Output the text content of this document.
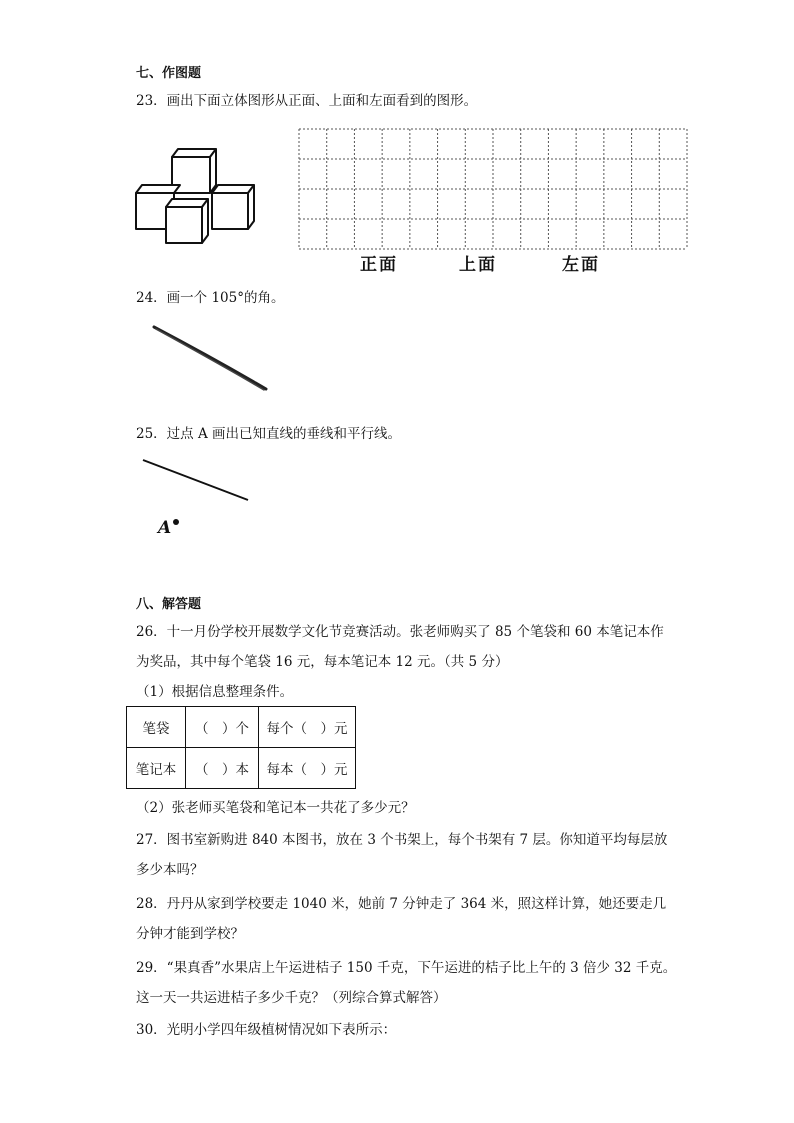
七、作图题
23．画出下面立体图形从正面、上面和左面看到的图形。
正面	上面	左面
24．画一个 105°的角。
25．过点 A 画出已知直线的垂线和平行线。
A
八、解答题
26．十一月份学校开展数学文化节竞赛活动。张老师购买了 85 个笔袋和 60 本笔记本作
为奖品，其中每个笔袋 16 元，每本笔记本 12 元。（共 5 分）
（1）根据信息整理条件。
笔袋	（　）个	每个（　）元
笔记本	（　）本	每本（　）元
（2）张老师买笔袋和笔记本一共花了多少元？
27．图书室新购进 840 本图书，放在 3 个书架上，每个书架有 7 层。你知道平均每层放
多少本吗？
28．丹丹从家到学校要走 1040 米，她前 7 分钟走了 364 米，照这样计算，她还要走几
分钟才能到学校？
29．“果真香”水果店上午运进桔子 150 千克，下午运进的桔子比上午的 3 倍少 32 千克。
这一天一共运进桔子多少千克？（列综合算式解答）
30．光明小学四年级植树情况如下表所示：
